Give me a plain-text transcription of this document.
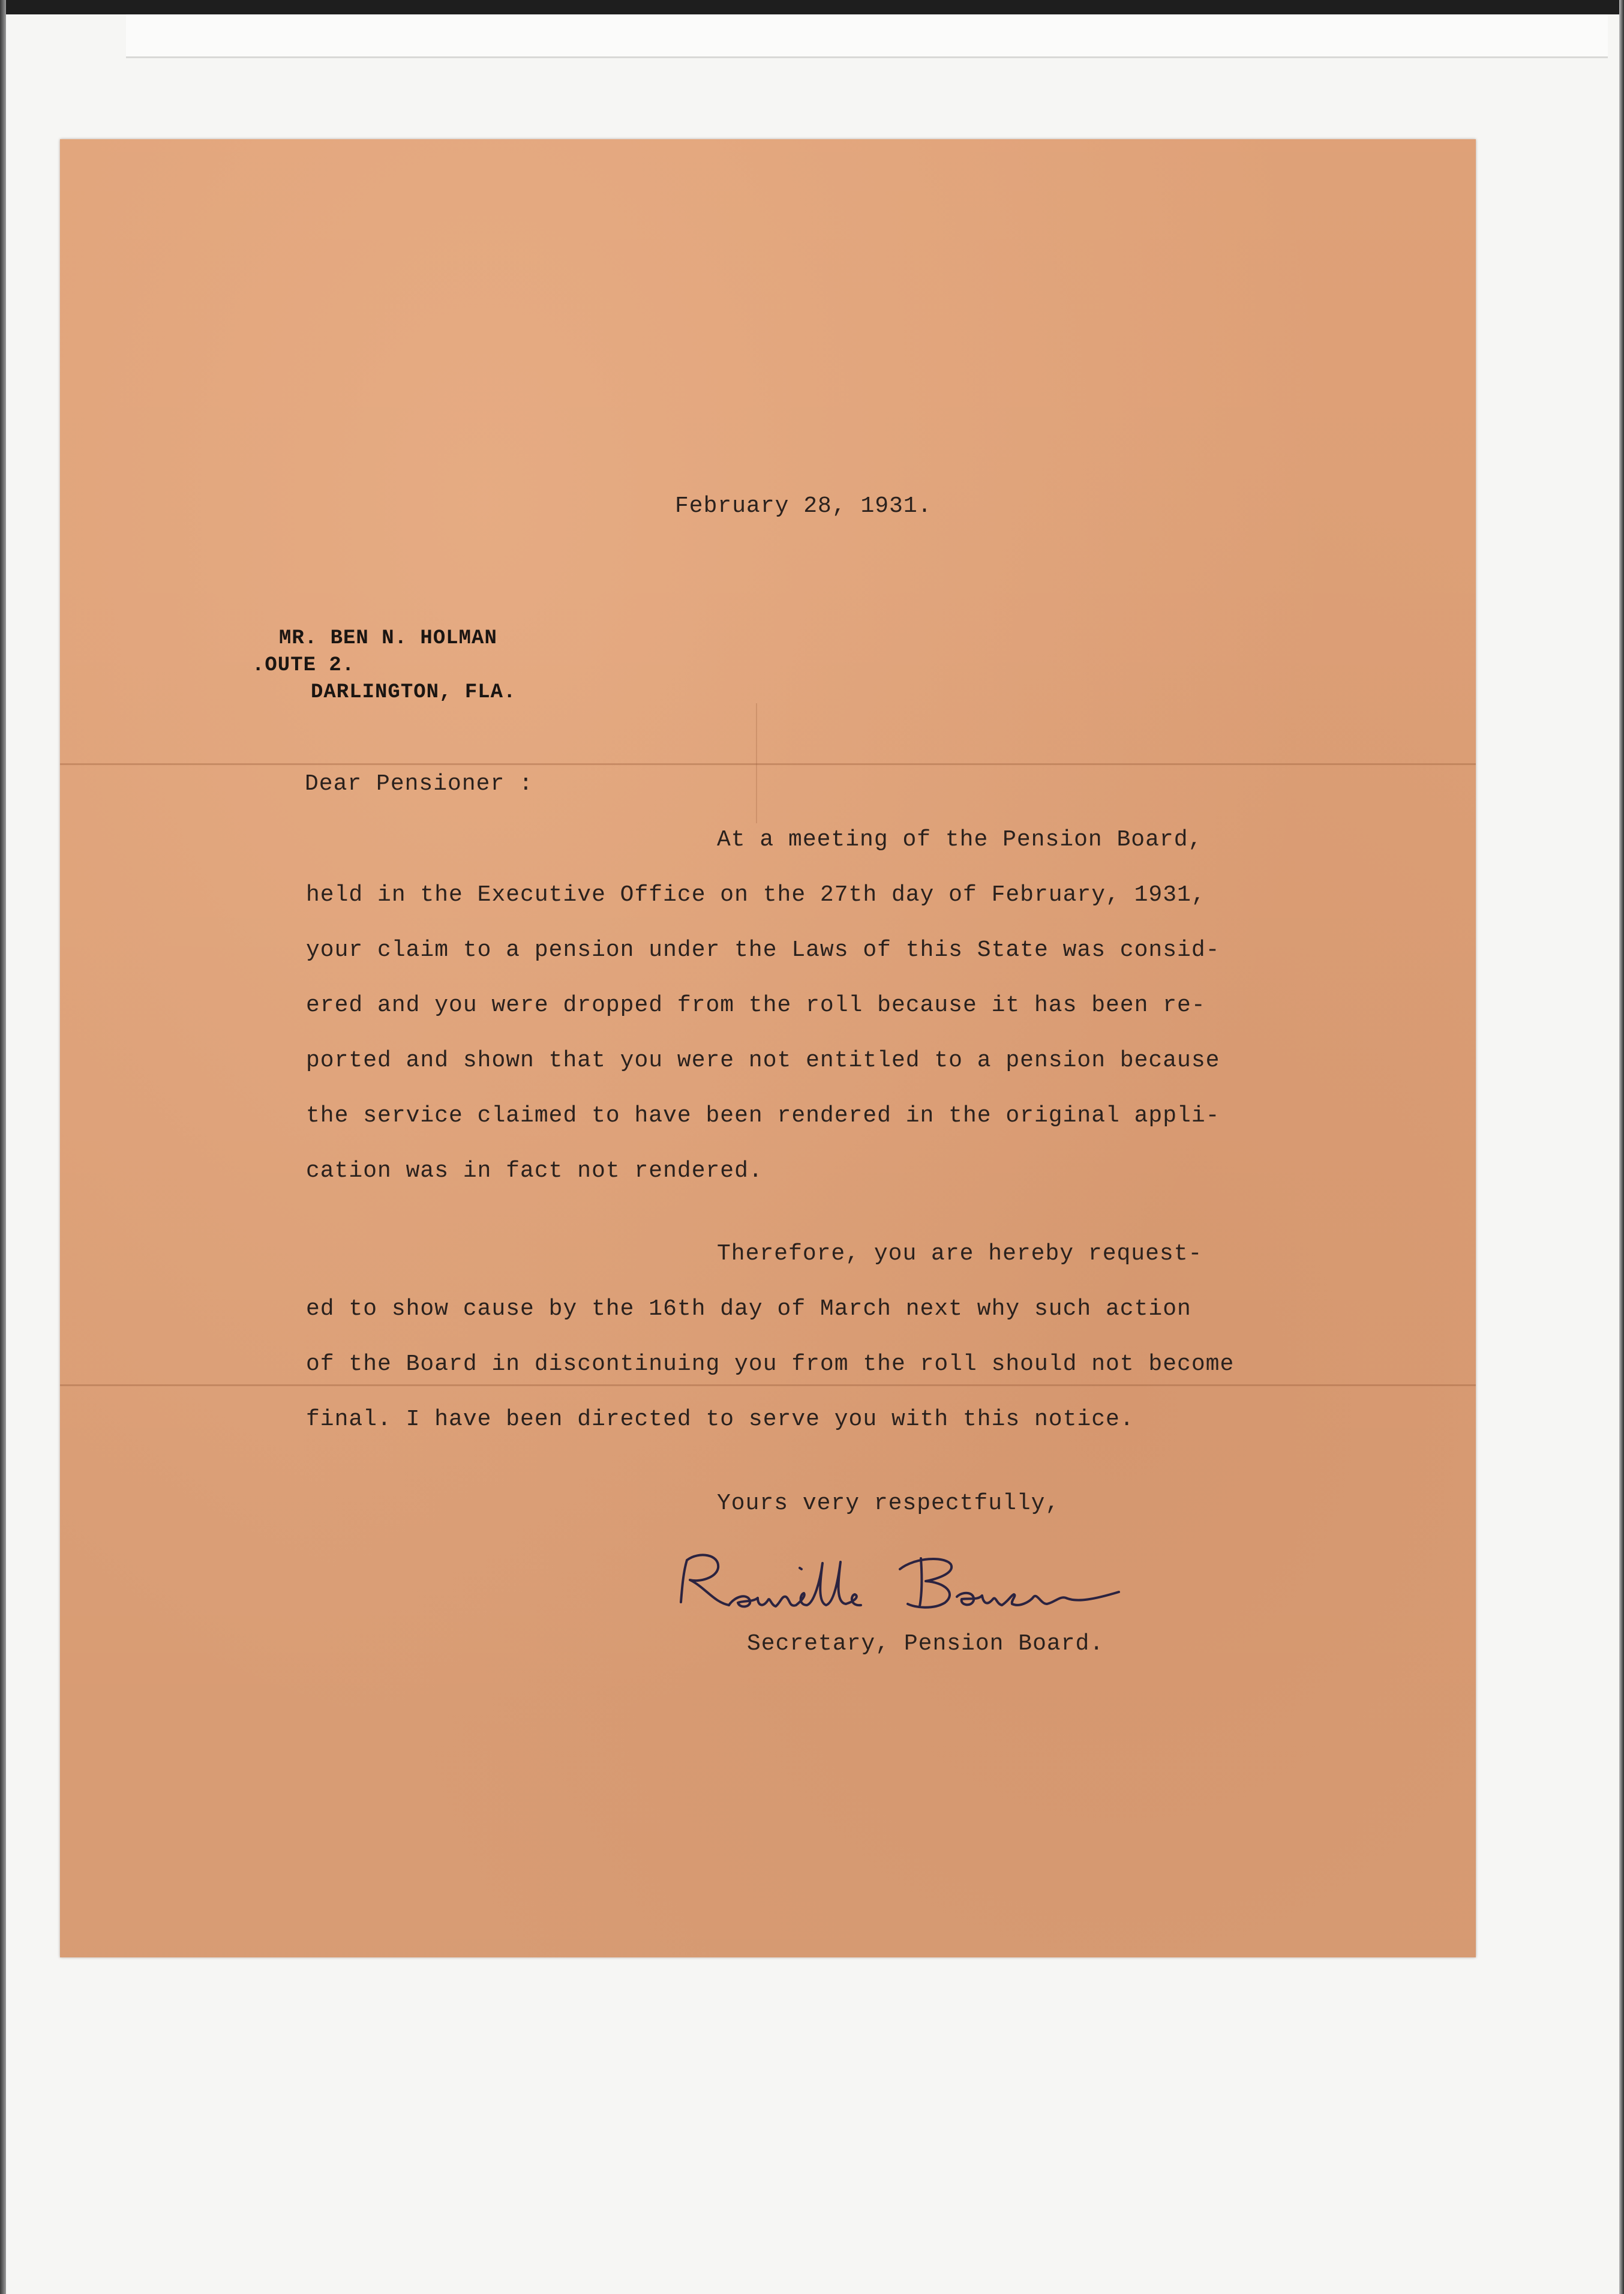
February 28, 1931.

MR. BEN N. HOLMAN

.OUTE 2.

DARLINGTON, FLA.

Dear Pensioner :

At a meeting of the Pension Board,

held in the Executive Office on the 27th day of February, 1931,

your claim to a pension under the Laws of this State was consid-

ered and you were dropped from the roll because it has been re-

ported and shown that you were not entitled to a pension because

the service claimed to have been rendered in the original appli-

cation was in fact not rendered.

Therefore, you are hereby request-

ed to show cause by the 16th day of March next why such action

of the Board in discontinuing you from the roll should not become

final. I have been directed to serve you with this notice.

Yours very respectfully,

Secretary, Pension Board.
